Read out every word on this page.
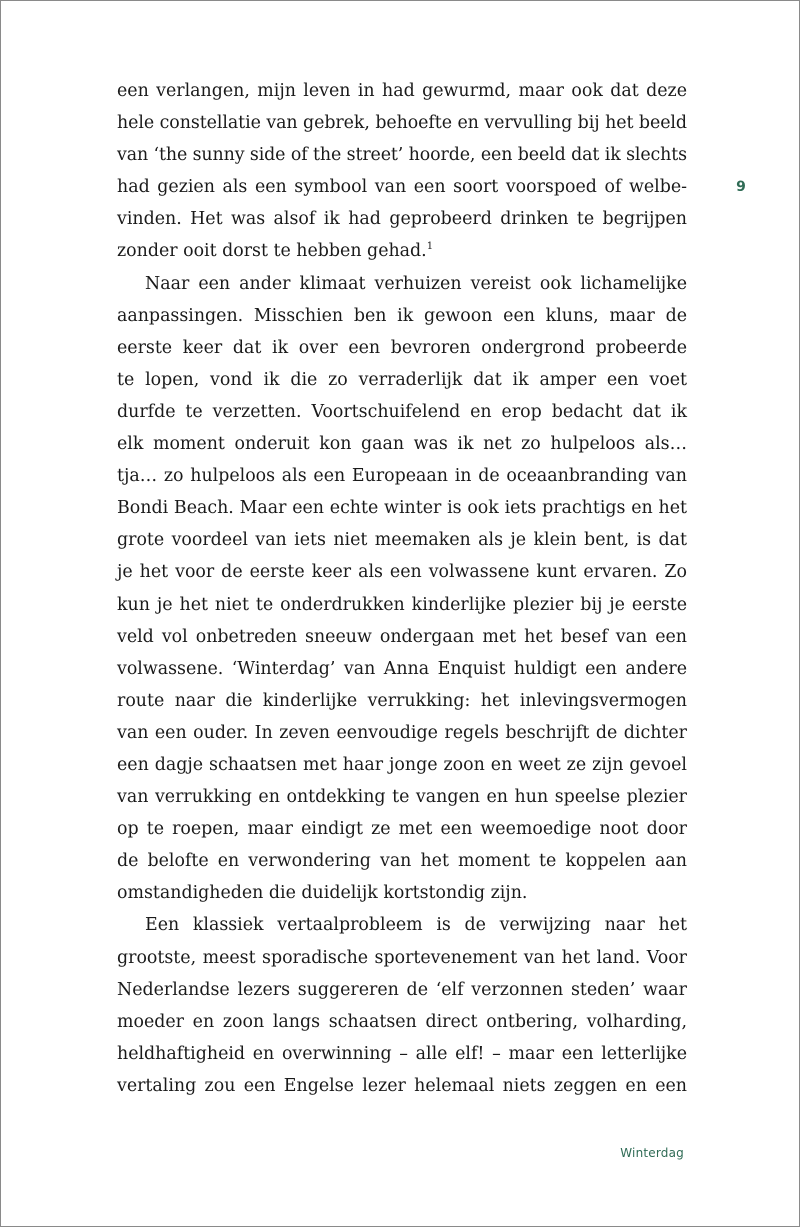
een verlangen, mijn leven in had gewurmd, maar ook dat deze
hele constellatie van gebrek, behoefte en vervulling bij het beeld
van ‘the sunny side of the street’ hoorde, een beeld dat ik slechts
had gezien als een symbool van een soort voorspoed of welbe-
vinden. Het was alsof ik had geprobeerd drinken te begrijpen
zonder ooit dorst te hebben gehad.$^1$
Naar een ander klimaat verhuizen vereist ook lichamelijke
aanpassingen. Misschien ben ik gewoon een kluns, maar de
eerste keer dat ik over een bevroren ondergrond probeerde
te lopen, vond ik die zo verraderlijk dat ik amper een voet
durfde te verzetten. Voortschuifelend en erop bedacht dat ik
elk moment onderuit kon gaan was ik net zo hulpeloos als…
tja… zo hulpeloos als een Europeaan in de oceaanbranding van
Bondi Beach. Maar een echte winter is ook iets prachtigs en het
grote voordeel van iets niet meemaken als je klein bent, is dat
je het voor de eerste keer als een volwassene kunt ervaren. Zo
kun je het niet te onderdrukken kinderlijke plezier bij je eerste
veld vol onbetreden sneeuw ondergaan met het besef van een
volwassene. ‘Winterdag’ van Anna Enquist huldigt een andere
route naar die kinderlijke verrukking: het inlevingsvermogen
van een ouder. In zeven eenvoudige regels beschrijft de dichter
een dagje schaatsen met haar jonge zoon en weet ze zijn gevoel
van verrukking en ontdekking te vangen en hun speelse plezier
op te roepen, maar eindigt ze met een weemoedige noot door
de belofte en verwondering van het moment te koppelen aan
omstandigheden die duidelijk kortstondig zijn.
Een klassiek vertaalprobleem is de verwijzing naar het
grootste, meest sporadische sportevenement van het land. Voor
Nederlandse lezers suggereren de ‘elf verzonnen steden’ waar
moeder en zoon langs schaatsen direct ontbering, volharding,
heldhaftigheid en overwinning – alle elf! – maar een letterlijke
vertaling zou een Engelse lezer helemaal niets zeggen en een
9
Winterdag
